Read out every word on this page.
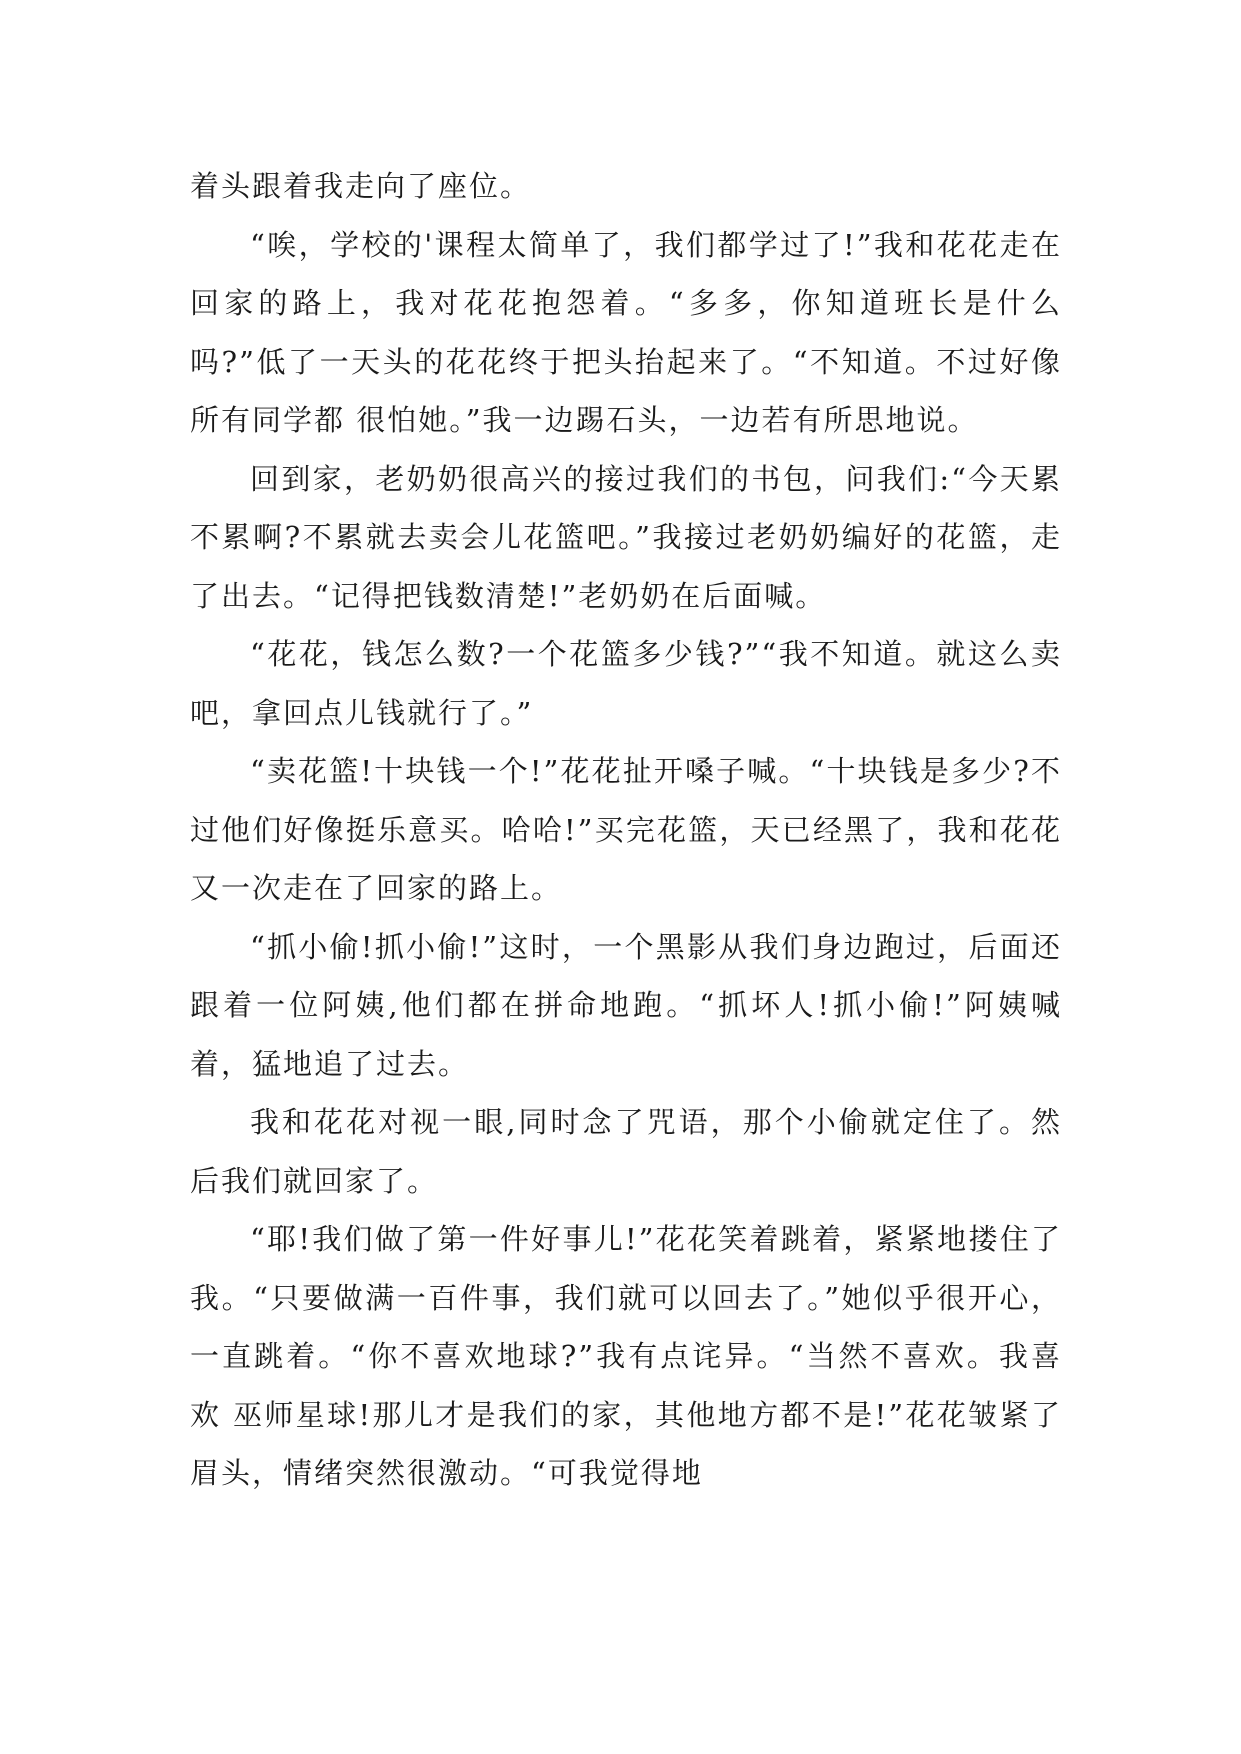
着头跟着我走向了座位。

“唉，学校的'课程太简单了，我们都学过了!”我和花花走在回家的路上，我对花花抱怨着。“多多，你知道班长是什么吗?”低了一天头的花花终于把头抬起来了。“不知道。不过好像所有同学都 很怕她。”我一边踢石头，一边若有所思地说。

回到家，老奶奶很高兴的接过我们的书包，问我们:“今天累不累啊?不累就去卖会儿花篮吧。”我接过老奶奶编好的花篮，走了出去。“记得把钱数清楚!”老奶奶在后面喊。

“花花，钱怎么数?一个花篮多少钱?”“我不知道。就这么卖吧，拿回点儿钱就行了。”

“卖花篮!十块钱一个!”花花扯开嗓子喊。“十块钱是多少?不过他们好像挺乐意买。哈哈!”买完花篮，天已经黑了，我和花花又一次走在了回家的路上。

“抓小偷!抓小偷!”这时，一个黑影从我们身边跑过，后面还跟着一位阿姨,他们都在拼命地跑。“抓坏人!抓小偷!”阿姨喊着，猛地追了过去。

我和花花对视一眼,同时念了咒语，那个小偷就定住了。然后我们就回家了。

“耶!我们做了第一件好事儿!”花花笑着跳着，紧紧地搂住了我。“只要做满一百件事，我们就可以回去了。”她似乎很开心，一直跳着。“你不喜欢地球?”我有点诧异。“当然不喜欢。我喜欢 巫师星球!那儿才是我们的家，其他地方都不是!”花花皱紧了眉头，情绪突然很激动。“可我觉得地
